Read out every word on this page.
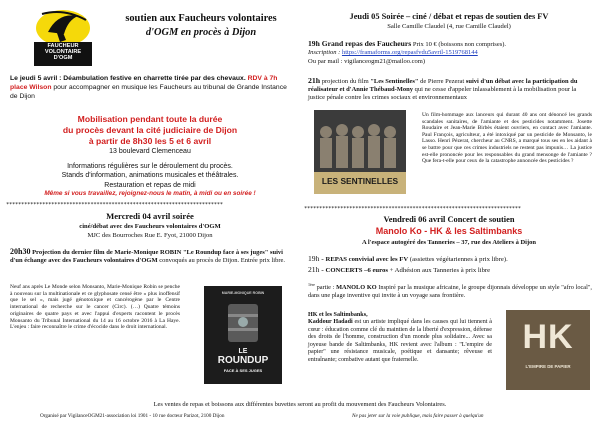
FAUCHEUR
VOLONTAIRE
D'OGM
soutien aux Faucheurs volontaires
d'OGM en procès à Dijon
Le jeudi 5 avril : Déambulation festive en charrette tirée par des chevaux. RDV à 7h place Wilson pour accompagner en musique les Faucheurs au tribunal de Grande Instance de Dijon
Mobilisation pendant toute la durée
du procès devant la cité judiciaire de Dijon
à partir de 8h30 les 5 et 6 avril
13 boulevard Clemenceau
Informations régulières sur le déroulement du procès.
Stands d'information, animations musicales et théâtrales.
Restauration et repas de midi
Même si vous travaillez, rejoignez-nous le matin, à midi ou en soirée !
************************************************************************
Mercredi 04 avril soirée
ciné/débat avec des Faucheurs volontaires d'OGM
MJC des Bourroches Rue E. Fyot, 21000 Dijon
20h30 Projection du dernier film de Marie-Monique ROBIN "Le Roundup face à ses juges" suivi d'un échange avec des Faucheurs volontaires d'OGM convoqués au procès de Dijon. Entrée prix libre.
Neuf ans après Le Monde selon Monsanto, Marie-Monique Robin se penche à nouveau sur la multinationale et ce glyphosate censé être « plus inoffensif que le sel », mais jugé génotoxique et cancérogène par le Centre international de recherche sur le cancer (Circ). (…) Quatre témoins originaires de quatre pays et avec l'appui d'experts racontent le procès Monsanto du Tribunal International du 14 au 16 octobre 2016 à La Haye. L'enjeu : faire reconnaître le crime d'écocide dans le droit international.
MARIE-MONIQUE ROBIN
LE
ROUNDUP
FACE À SES JUGES
Jeudi 05 Soirée – ciné / débat et repas de soutien des FV
Salle Camille Claudel (4, rue Camille Claudel)
19h Grand repas des Faucheurs Prix 10 € (boissons non comprises).
Inscription : https://framaforms.org/repasfvdu5avril-1519768144
Ou par mail : vigilanceogm21@mailoo.com)
21h projection du film "Les Sentinelles" de Pierre Pezerat suivi d'un débat avec la participation du réalisateur et d'Annie Thébaud-Mony qui ne cesse d'appeler inlassablement à la mobilisation pour la justice pénale contre les crimes sociaux et environnementaux
LES SENTINELLES
Un film-hommage aux lanceurs qui durant 40 ans ont dénoncé les grands scandales sanitaires, de l'amiante et des pesticides notamment. Josette Roudaire et Jean-Marie Birbès étaient ouvriers, en contact avec l'amiante. Paul François, agriculteur, a été intoxiqué par un pesticide de Monsanto, le Lasso. Henri Pézerat, chercheur au CNRS, a marqué tous ses en les aidant à se battre pour que ces crimes industriels ne restent pas impunis… La justice est-elle prononcée pour les responsables du grand mensonge de l'amiante ? Que fera-t-elle pour ceux de la catastrophe annoncée des pesticides ?
************************************************************************
Vendredi 06 avril Concert de soutien
Manolo Ko - HK & les Saltimbanks
A l'espace autogéré des Tanneries – 37, rue des Ateliers à Dijon
19h - REPAS convivial avec les FV (assiettes végétariennes à prix libre).
21h - CONCERTS –6 euros + Adhésion aux Tanneries à prix libre
$^{1ère}$ partie : MANOLO KO Inspiré par la musique africaine, le groupe dijonnais développe un style "afro local", dans une plage inventive qui invite à un voyage sans frontière.
HK et les Saltimbanks,
Kaddour Hadadi est un artiste impliqué dans les causes qui lui tiennent à cœur : éducation comme clé du maintien de la liberté d'expression, défense des droits de l'homme, construction d'un monde plus solidaire... Avec sa joyeuse bande de Saltimbanks, HK revient avec l'album : "L'empire de papier" une résistance musicale, poétique et dansante; rêveuse et entraînante; combative autant que fraternelle.
HK
L'EMPIRE DE PAPIER
Les ventes de repas et boissons aux différentes buvettes seront au profit du mouvement des Faucheurs Volontaires.
Organisé par VigilanceOGM21-association loi 1901 - 10 rue docteur Parizot, 2100 Dijon	Ne pas jeter sur la voie publique, mais faire passer à quelqu'un
